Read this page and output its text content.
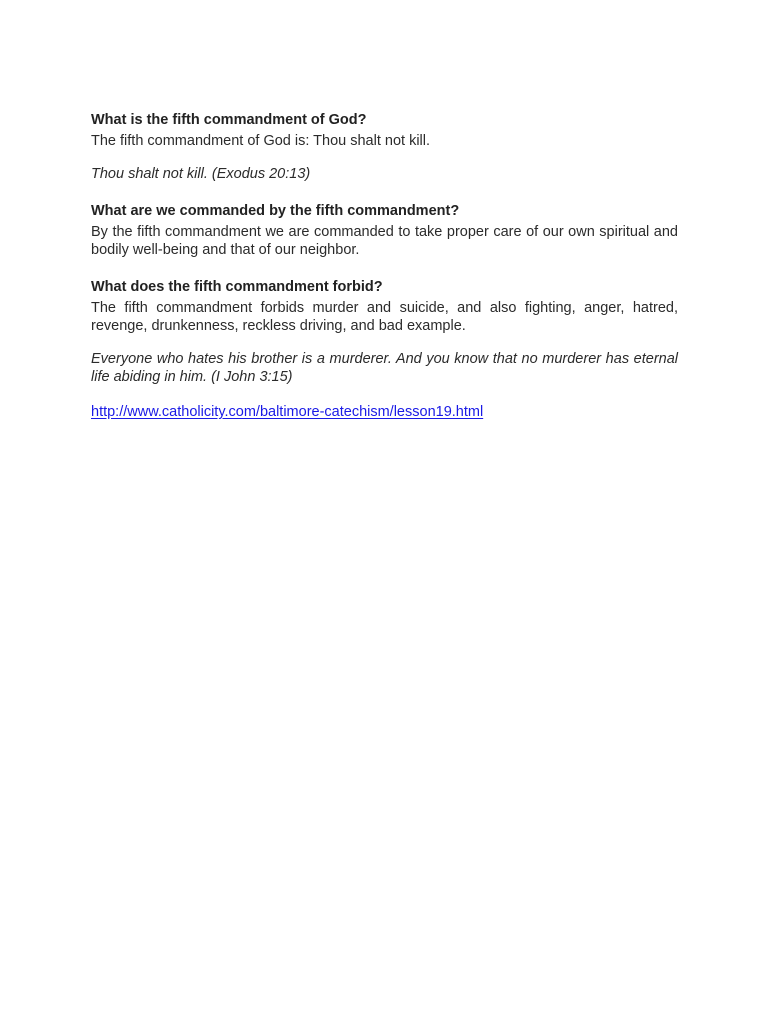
What is the fifth commandment of God?

The fifth commandment of God is: Thou shalt not kill.

Thou shalt not kill. (Exodus 20:13)

What are we commanded by the fifth commandment?

By the fifth commandment we are commanded to take proper care of our own spiritual and bodily well-being and that of our neighbor.

What does the fifth commandment forbid?

The fifth commandment forbids murder and suicide, and also fighting, anger, hatred, revenge, drunkenness, reckless driving, and bad example.

Everyone who hates his brother is a murderer. And you know that no murderer has eternal life abiding in him. (I John 3:15)

http://www.catholicity.com/baltimore-catechism/lesson19.html
